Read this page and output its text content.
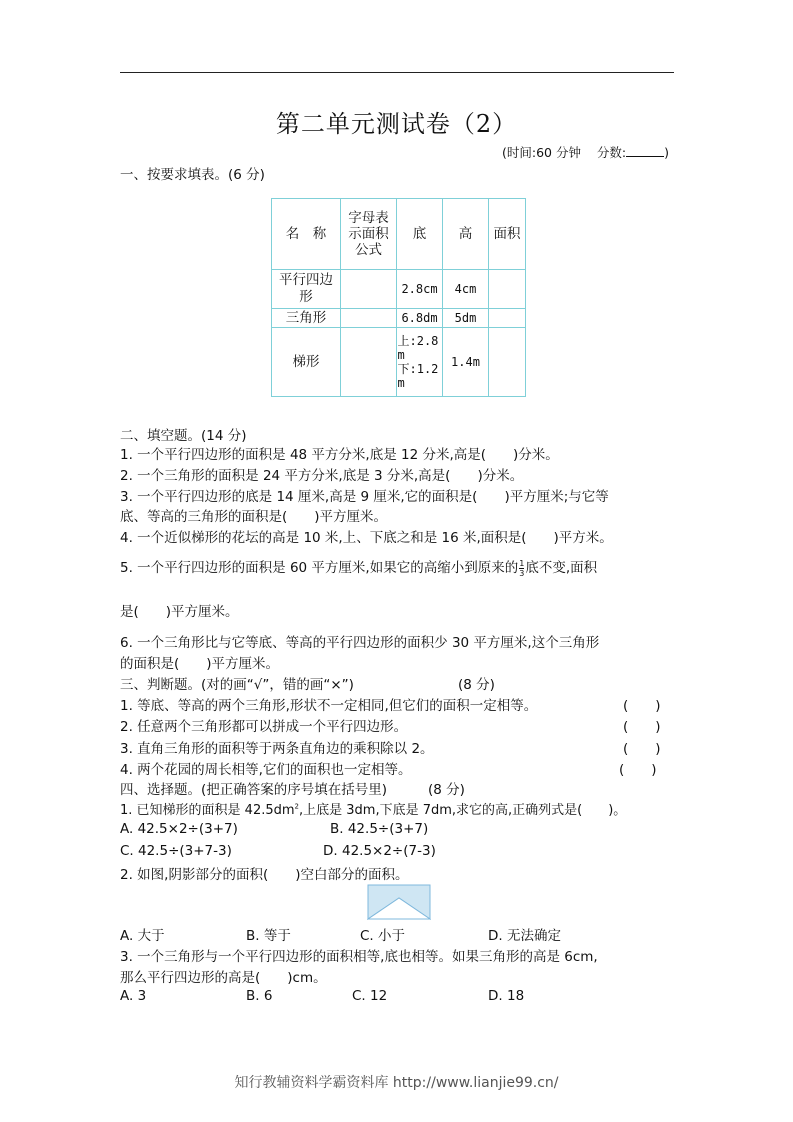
第二单元测试卷（2）
(时间:60 分钟 分数:	)
一、按要求填表。(6 分)
名　称	字母表示面积公式	底	高	面积

平行四边形		2.8cm	4cm	
三角形		6.8dm	5dm	
梯形		上:2.8m
下:1.2m	1.4m	
二、填空题。(14 分)
1. 一个平行四边形的面积是 48 平方分米,底是 12 分米,高是(　　)分米。
2. 一个三角形的面积是 24 平方分米,底是 3 分米,高是(　　)分米。
3. 一个平行四边形的底是 14 厘米,高是 9 厘米,它的面积是(　　)平方厘米;与它等
底、等高的三角形的面积是(　　)平方厘米。
4. 一个近似梯形的花坛的高是 10 米,上、下底之和是 16 米,面积是(　　)平方米。
5. 一个平行四边形的面积是 60 平方厘米,如果它的高缩小到原来的 $\frac{1}{3}$ 底不变,面积
是(　　)平方厘米。
6. 一个三角形比与它等底、等高的平行四边形的面积少 30 平方厘米,这个三角形
的面积是(　　)平方厘米。
三、判断题。(对的画“√”，错的画“×”)	(8 分)
1. 等底、等高的两个三角形,形状不一定相同,但它们的面积一定相等。	(　　)
2. 任意两个三角形都可以拼成一个平行四边形。	(　　)
3. 直角三角形的面积等于两条直角边的乘积除以 2。	(　　)
4. 两个花园的周长相等,它们的面积也一定相等。	(　　)
四、选择题。(把正确答案的序号填在括号里)	(8 分)
1. 已知梯形的面积是 $42.5dm^2$,上底是 3dm,下底是 7dm,求它的高,正确列式是(　　)。
A. 42.5×2÷(3+7)	B. 42.5÷(3+7)
C. 42.5÷(3+7-3)	D. 42.5×2÷(7-3)
2. 如图,阴影部分的面积(　　)空白部分的面积。
A. 大于	B. 等于	C. 小于	D. 无法确定
3. 一个三角形与一个平行四边形的面积相等,底也相等。如果三角形的高是 6cm,
那么平行四边形的高是(　　)cm。
A. 3	B. 6	C. 12	D. 18
知行教辅资料学霸资料库 http://www.lianjie99.cn/
